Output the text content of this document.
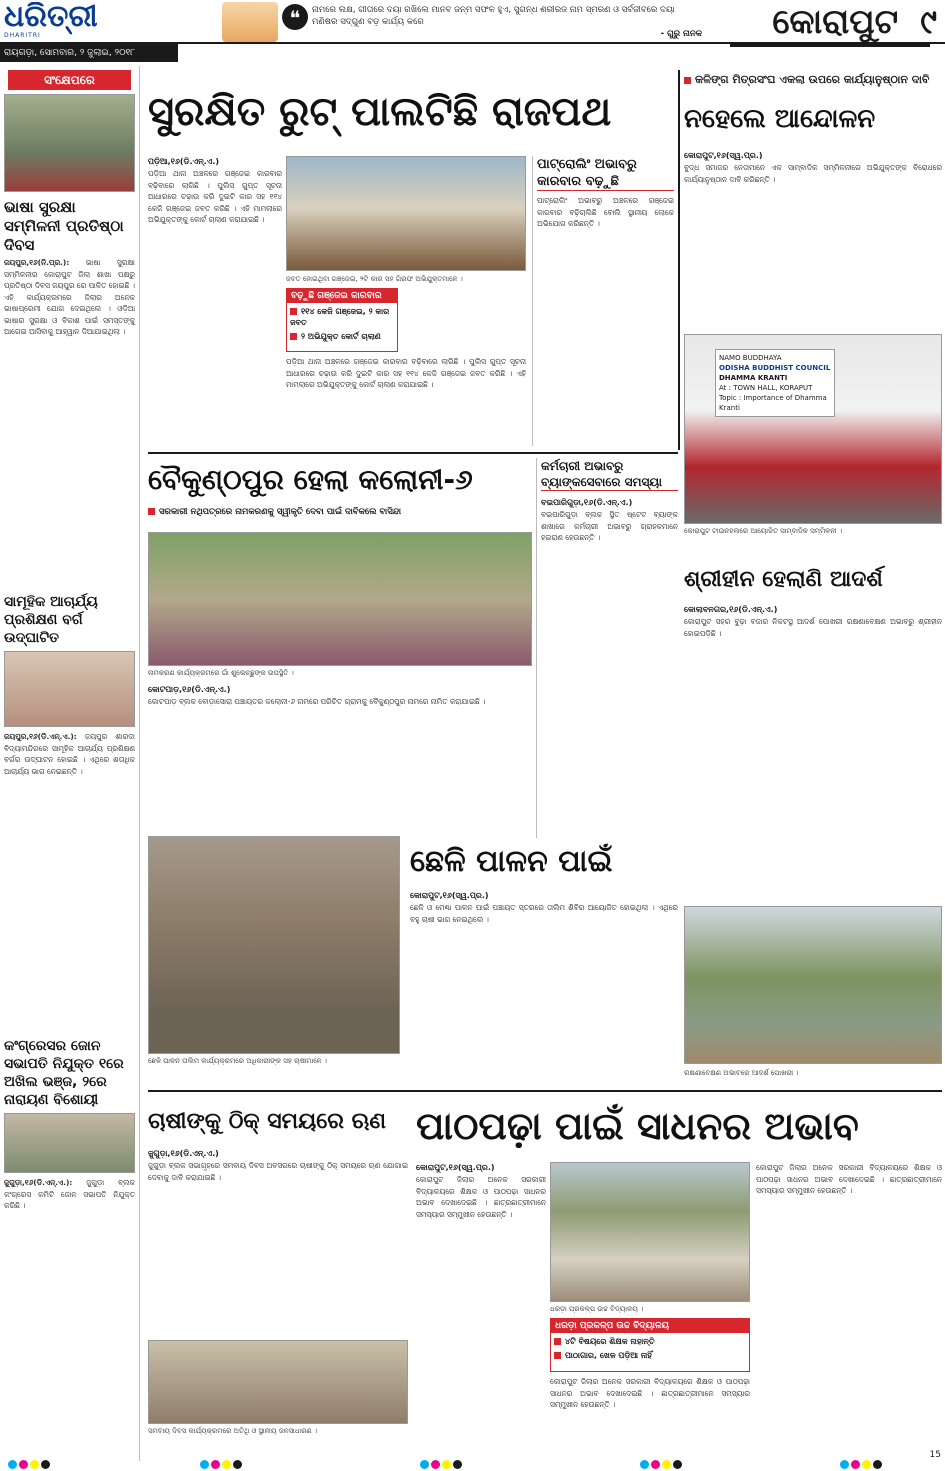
ଧରିତ୍ରୀ
DHARITRI
❝	ନାମରେ ଲକ୍ଷ, ଗୀତାରେ ଦୟା ରଖିଲେ ମାନବ ଜନ୍ମ ସଫଳ ହୁଏ, ସୁଗନ୍ଧ ଶରୀରଜ ନାମ ସ୍ମରଣ ଓ ସର୍ବଜୀବରେ ଦୟା ମଣିଷର ସଦ୍ଗୁଣ ବଡ଼ କାର୍ଯ୍ୟ କରେ
- ଗୁରୁ ନାନକ	କୋରାପୁଟ ୯
ରାୟଗଡ଼ା, ସୋମବାର, ୨ ଜୁଲାଇ, ୨୦୧୮
ସଂକ୍ଷେପରେ
ଭାଷା ସୁରକ୍ଷା ସମ୍ମିଳନୀ ପ୍ରତିଷ୍ଠା ଦିବସ
ଜୟପୁର,୧୬(ନି.ପ୍ର.): ଭାଷା ସୁରକ୍ଷା ସମ୍ମିଳନୀର କୋରାପୁଟ ଜିଲା ଶାଖା ପକ୍ଷରୁ ପ୍ରତିଷ୍ଠା ଦିବସ ଜୟପୁର ରେ ପାଳିତ ହୋଇଛି । ଏହି କାର୍ଯ୍ୟକ୍ରମରେ ଜିଲାର ଅନେକ ଭାଷାପ୍ରେମୀ ଯୋଗ ଦେଇଥିଲେ । ଓଡ଼ିଆ ଭାଷାର ସୁରକ୍ଷା ଓ ବିକାଶ ପାଇଁ ସମସ୍ତଙ୍କୁ ଆଗେଇ ଆସିବାକୁ ଆହ୍ୱାନ ଦିଆଯାଇଥିଲା ।
ସାମୂହିକ ଆଚାର୍ଯ୍ୟ ପ୍ରଶିକ୍ଷଣ ବର୍ଗ ଉଦ୍‌ଘାଟିତ
ଜୟପୁର,୧୬(ଡି.ଏନ୍.ଏ.): ଜୟପୁର ଶାରଦା ବିଦ୍ୟାମନ୍ଦିରରେ ସାମୂହିକ ଆଚାର୍ଯ୍ୟ ପ୍ରଶିକ୍ଷଣ ବର୍ଗର ଉଦ୍‌ଘାଟନ ହୋଇଛି । ଏଥିରେ ଶତାଧିକ ଆଚାର୍ଯ୍ୟ ଭାଗ ନେଇଛନ୍ତି ।
କଂଗ୍ରେସର ଜୋନ ସଭାପତି ନିଯୁକ୍ତ ୧ରେ ଅଖିଲ ଭଞ୍ଜ, ୨ରେ ନାରାୟଣ ବିଶୋୟୀ
ଜୁଗୁଡ଼ା,୧୬(ଡି.ଏନ୍.ଏ.): ଜୁଗୁଡ଼ା ବ୍ଲକ କଂଗ୍ରେସ କମିଟି ଜୋନ ସଭାପତି ନିଯୁକ୍ତ କରିଛି ।
ସୁରକ୍ଷିତ ରୁଟ୍ ପାଲଟିଛି ରାଜପଥ
ପଡ଼ିଆ,୧୬(ଡି.ଏନ୍.ଏ.)
ପଡ଼ିଆ ଥାନା ଅଞ୍ଚଳରେ ଗଞ୍ଜେଇ କାରବାର ବଢ଼ିବାରେ ଲାଗିଛି । ପୁଲିସ ଗୁପ୍ତ ସୂଚନା ଆଧାରରେ ଚଢ଼ାଉ କରି ଦୁଇଟି କାର ସହ ୧୧୪ କେଜି ଗଞ୍ଜେଇ ଜବତ କରିଛି । ଏହି ମାମଲାରେ ଅଭିଯୁକ୍ତଙ୍କୁ କୋର୍ଟ ଚାଲାଣ କରାଯାଇଛି ।
ଜବତ ହୋଇଥିବା ଗଞ୍ଜେଇ, ୨ଟି କାର ସହ ଗିରଫ ଅଭିଯୁକ୍ତମାନେ ।
ବଢ଼ୁଛି ଗଞ୍ଜେଇ କାରବାର
୧୧୪ କେଜି ଗଞ୍ଜେଇ, ୨ କାର ଜବତ
୨ ଅଭିଯୁକ୍ତ କୋର୍ଟ ଚାଲାଣ
ପଡ଼ିଆ ଥାନା ଅଞ୍ଚଳରେ ଗଞ୍ଜେଇ କାରବାର ବଢ଼ିବାରେ ଲାଗିଛି । ପୁଲିସ ଗୁପ୍ତ ସୂଚନା ଆଧାରରେ ଚଢ଼ାଉ କରି ଦୁଇଟି କାର ସହ ୧୧୪ କେଜି ଗଞ୍ଜେଇ ଜବତ କରିଛି । ଏହି ମାମଲାରେ ଅଭିଯୁକ୍ତଙ୍କୁ କୋର୍ଟ ଚାଲାଣ କରାଯାଇଛି ।
ପାଟ୍ରୋଲିଂ ଅଭାବରୁ କାରବାର ବଢ଼ୁଛି
ପାଟ୍ରୋଲିଂ ଅଭାବରୁ ଅଞ୍ଚଳରେ ଗଞ୍ଜେଇ କାରବାର ବଢ଼ିଚାଲିଛି ବୋଲି ସ୍ଥାନୀୟ ଲୋକେ ଅଭିଯୋଗ କରିଛନ୍ତି ।
କଳିଙ୍ଗ ମିତ୍ରସଂଘ ଏକଲା ଉପରେ କାର୍ଯ୍ୟାନୁଷ୍ଠାନ ଦାବି
ନହେଲେ ଆନ୍ଦୋଳନ
କୋରାପୁଟ,୧୬(ସ୍ୱ.ପ୍ର.)
ବୁଦ୍ଧ ସମାଜର ନେତାମାନେ ଏକ ସାମ୍ବାଦିକ ସମ୍ମିଳନୀରେ ଅଭିଯୁକ୍ତଙ୍କ ବିରୋଧରେ କାର୍ଯ୍ୟାନୁଷ୍ଠାନ ଦାବି କରିଛନ୍ତି ।
NAMO BUDDHAYA
ODISHA BUDDHIST COUNCIL
DHAMMA KRANTI
At : TOWN HALL, KORAPUT
Topic : Importance of Dhamma Kranti
କୋରାପୁଟ ଟାଉନହଲରେ ଆୟୋଜିତ ସାମ୍ବାଦିକ ସମ୍ମିଳନୀ ।
ଶ୍ରୀହୀନ ହେଲାଣି ଆଦର୍ଶ
କୋଲାବନଗର,୧୬(ଡି.ଏନ୍.ଏ.)
କୋରାପୁଟ ସହର ବୁଢ଼ା ବଜାର ନିକଟସ୍ଥ ଆଦର୍ଶ ପୋଖରୀ ରକ୍ଷଣାବେକ୍ଷଣ ଅଭାବରୁ ଶ୍ରୀହୀନ ହୋଇପଡ଼ିଛି ।
ରକ୍ଷଣାବେକ୍ଷଣ ଅଭାବରେ ଆଦର୍ଶ ପୋଖରୀ ।
ବୈକୁଣ୍ଠପୁର ହେଲା କଲୋନୀ-୬
ସରକାରୀ ନଥିପତ୍ରରେ ନାମକରଣକୁ ସ୍ୱୀକୃତି ଦେବା ପାଇଁ ଦାବିକଲେ ବାସିନ୍ଦା
ନାମକରଣ କାର୍ଯ୍ୟକ୍ରମରେ ଗାଁ ଶୁଭେଚ୍ଛୁଙ୍କ ଉପସ୍ଥିତି ।
କୋଟପାଡ଼,୧୬(ଡି.ଏନ୍.ଏ.)
କୋଟପାଡ଼ ବ୍ଲକ ବୋଡ଼ାସୋରା ପଞ୍ଚାୟତର କଲୋନୀ-୬ ନାମରେ ପରିଚିତ ଗ୍ରାମକୁ ବୈକୁଣ୍ଠପୁର ନାମରେ ନାମିତ କରାଯାଇଛି ।
କର୍ମଚାରୀ ଅଭାବରୁ ବ୍ୟାଙ୍କସେବାରେ ସମସ୍ୟା
ବଇପାରିଗୁଡ଼ା,୧୬(ଡି.ଏନ୍.ଏ.)
ବଇପାରିଗୁଡ଼ା ବ୍ଲକ ସ୍ଥିତ ଷ୍ଟେଟ ବ୍ୟାଙ୍କ ଶାଖାରେ କର୍ମଚାରୀ ଅଭାବରୁ ଗ୍ରାହକମାନେ ହଇରାଣ ହେଉଛନ୍ତି ।
ଛେଳି ପାଳନ ତାଲିମ କାର୍ଯ୍ୟକ୍ରମରେ ଅଧିକାରୀଙ୍କ ସହ ଚାଷୀମାନେ ।
ଛେଳି ପାଳନ ପାଇଁ
କୋରାପୁଟ,୧୬(ସ୍ୱ.ପ୍ର.)
ଛେଳି ଓ ମେଣ୍ଢା ପାଳନ ପାଇଁ ପଞ୍ଚାୟତ ସ୍ତରରେ ତାଲିମ ଶିବିର ଆୟୋଜିତ ହୋଇଥିଲା । ଏଥିରେ ବହୁ ଚାଷୀ ଭାଗ ନେଇଥିଲେ ।
ଚାଷୀଙ୍କୁ ଠିକ୍ ସମୟରେ ଋଣ
ଜୁଗୁଡ଼ା,୧୬(ଡି.ଏନ୍.ଏ.)
ଜୁଗୁଡ଼ା ବ୍ଲକ ସଭାଗୃହରେ ସମବାୟ ଦିବସ ଅବସରରେ ଚାଷୀଙ୍କୁ ଠିକ୍ ସମୟରେ ଋଣ ଯୋଗାଇ ଦେବାକୁ ଦାବି କରାଯାଇଛି ।
ସମବାୟ ଦିବସ କାର୍ଯ୍ୟକ୍ରମରେ ଅତିଥି ଓ ସ୍ଥାନୀୟ ଜନସାଧାରଣ ।
ପାଠପଢ଼ା ପାଇଁ ସାଧନର ଅଭାବ
କୋରାପୁଟ,୧୬(ସ୍ୱ.ପ୍ର.)
କୋରାପୁଟ ଜିଲାର ଅନେକ ସରକାରୀ ବିଦ୍ୟାଳୟରେ ଶିକ୍ଷକ ଓ ପାଠପଢ଼ା ସାଧନର ଅଭାବ ଦେଖାଦେଇଛି । ଛାତ୍ରଛାତ୍ରୀମାନେ ସମସ୍ୟାର ସମ୍ମୁଖୀନ ହେଉଛନ୍ତି ।
ଧରଡ଼ା ପ୍ରକଳ୍ପ ଉଚ୍ଚ ବିଦ୍ୟାଳୟ ।
ଧରଡ଼ା ପ୍ରକଳ୍ପ ଉଚ୍ଚ ବିଦ୍ୟାଳୟ
୪ଟି ବିଷୟରେ ଶିକ୍ଷକ ନାହାନ୍ତି
ପାଠାଗାର, ଖେଳ ପଡ଼ିଆ ନାହିଁ
କୋରାପୁଟ ଜିଲାର ଅନେକ ସରକାରୀ ବିଦ୍ୟାଳୟରେ ଶିକ୍ଷକ ଓ ପାଠପଢ଼ା ସାଧନର ଅଭାବ ଦେଖାଦେଇଛି । ଛାତ୍ରଛାତ୍ରୀମାନେ ସମସ୍ୟାର ସମ୍ମୁଖୀନ ହେଉଛନ୍ତି ।
କୋରାପୁଟ ଜିଲାର ଅନେକ ସରକାରୀ ବିଦ୍ୟାଳୟରେ ଶିକ୍ଷକ ଓ ପାଠପଢ଼ା ସାଧନର ଅଭାବ ଦେଖାଦେଇଛି । ଛାତ୍ରଛାତ୍ରୀମାନେ ସମସ୍ୟାର ସମ୍ମୁଖୀନ ହେଉଛନ୍ତି ।
15
